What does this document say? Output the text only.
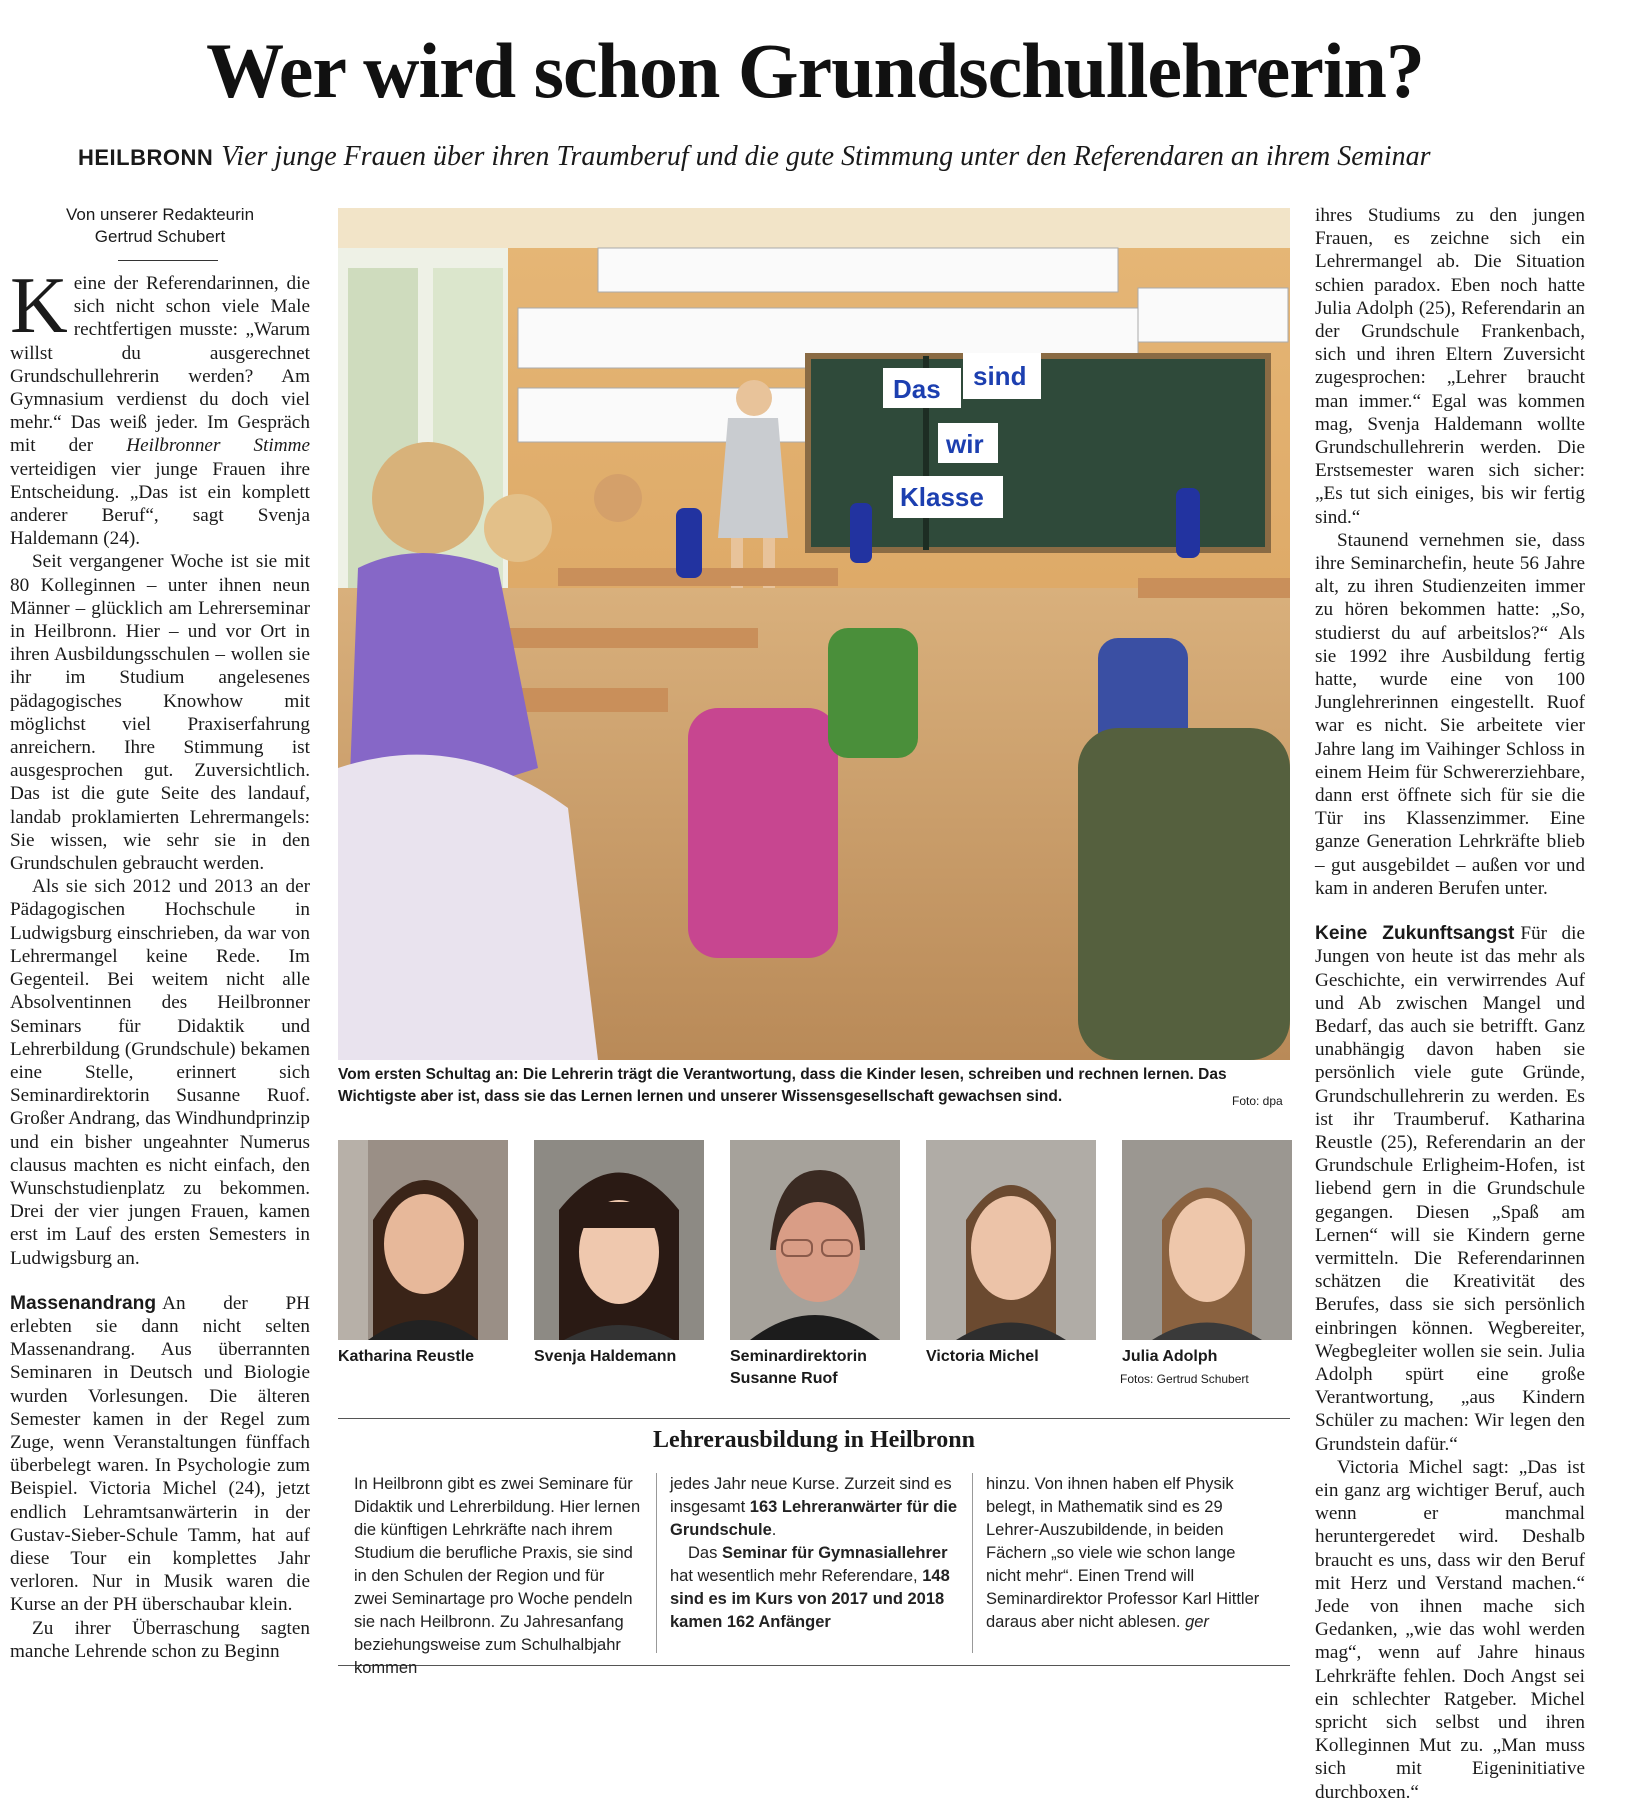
Wer wird schon Grundschullehrerin?
HEILBRONN Vier junge Frauen über ihren Traumberuf und die gute Stimmung unter den Referendaren an ihrem Seminar
Von unserer Redakteurin
Gertrud Schubert

Keine der Referendarinnen, die sich nicht schon viele Male rechtfertigen musste: „Warum willst du ausgerechnet Grundschullehrerin werden? Am Gymnasium verdienst du doch viel mehr.“ Das weiß jeder. Im Gespräch mit der Heilbronner Stimme verteidigen vier junge Frauen ihre Entscheidung. „Das ist ein komplett anderer Beruf“, sagt Svenja Haldemann (24).

Seit vergangener Woche ist sie mit 80 Kolleginnen – unter ihnen neun Männer – glücklich am Lehrerseminar in Heilbronn. Hier – und vor Ort in ihren Ausbildungsschulen – wollen sie ihr im Studium angelesenes pädagogisches Knowhow mit möglichst viel Praxiserfahrung anreichern. Ihre Stimmung ist ausgesprochen gut. Zuversichtlich. Das ist die gute Seite des landauf, landab proklamierten Lehrermangels: Sie wissen, wie sehr sie in den Grundschulen gebraucht werden.

Als sie sich 2012 und 2013 an der Pädagogischen Hochschule in Ludwigsburg einschrieben, da war von Lehrermangel keine Rede. Im Gegenteil. Bei weitem nicht alle Absolventinnen des Heilbronner Seminars für Didaktik und Lehrerbildung (Grundschule) bekamen eine Stelle, erinnert sich Seminardirektorin Susanne Ruof. Großer Andrang, das Windhundprinzip und ein bisher ungeahnter Numerus clausus machten es nicht einfach, den Wunschstudienplatz zu bekommen. Drei der vier jungen Frauen, kamen erst im Lauf des ersten Semesters in Ludwigsburg an.

Massenandrang An der PH erlebten sie dann nicht selten Massenandrang. Aus überrannten Seminaren in Deutsch und Biologie wurden Vorlesungen. Die älteren Semester kamen in der Regel zum Zuge, wenn Veranstaltungen fünffach überbelegt waren. In Psychologie zum Beispiel. Victoria Michel (24), jetzt endlich Lehramtsanwärterin in der Gustav-Sieber-Schule Tamm, hat auf diese Tour ein komplettes Jahr verloren. Nur in Musik waren die Kurse an der PH überschaubar klein.

Zu ihrer Überraschung sagten manche Lehrende schon zu Beginn

ihres Studiums zu den jungen Frauen, es zeichne sich ein Lehrermangel ab. Die Situation schien paradox. Eben noch hatte Julia Adolph (25), Referendarin an der Grundschule Frankenbach, sich und ihren Eltern Zuversicht zugesprochen: „Lehrer braucht man immer.“ Egal was kommen mag, Svenja Haldemann wollte Grundschullehrerin werden. Die Erstsemester waren sich sicher: „Es tut sich einiges, bis wir fertig sind.“

Staunend vernehmen sie, dass ihre Seminarchefin, heute 56 Jahre alt, zu ihren Studienzeiten immer zu hören bekommen hatte: „So, studierst du auf arbeitslos?“ Als sie 1992 ihre Ausbildung fertig hatte, wurde eine von 100 Junglehrerinnen eingestellt. Ruof war es nicht. Sie arbeitete vier Jahre lang im Vaihinger Schloss in einem Heim für Schwererziehbare, dann erst öffnete sich für sie die Tür ins Klassenzimmer. Eine ganze Generation Lehrkräfte blieb – gut ausgebildet – außen vor und kam in anderen Berufen unter.

Keine Zukunftsangst Für die Jungen von heute ist das mehr als Geschichte, ein verwirrendes Auf und Ab zwischen Mangel und Bedarf, das auch sie betrifft. Ganz unabhängig davon haben sie persönlich viele gute Gründe, Grundschullehrerin zu werden. Es ist ihr Traumberuf. Katharina Reustle (25), Referendarin an der Grundschule Erligheim-Hofen, ist liebend gern in die Grundschule gegangen. Diesen „Spaß am Lernen“ will sie Kindern gerne vermitteln. Die Referendarinnen schätzen die Kreativität des Berufes, dass sie sich persönlich einbringen können. Wegbereiter, Wegbegleiter wollen sie sein. Julia Adolph spürt eine große Verantwortung, „aus Kindern Schüler zu machen: Wir legen den Grundstein dafür.“

Victoria Michel sagt: „Das ist ein ganz arg wichtiger Beruf, auch wenn er manchmal heruntergeredet wird. Deshalb braucht es uns, dass wir den Beruf mit Herz und Verstand machen.“ Jede von ihnen mache sich Gedanken, „wie das wohl werden mag“, wenn auf Jahre hinaus Lehrkräfte fehlen. Doch Angst sei ein schlechter Ratgeber. Michel spricht sich selbst und ihren Kolleginnen Mut zu. „Man muss sich mit Eigeninitiative durchboxen.“

Das sind
wir
Klasse
Vom ersten Schultag an: Die Lehrerin trägt die Verantwortung, dass die Kinder lesen, schreiben und rechnen lernen. Das Wichtigste aber ist, dass sie das Lernen lernen und unserer Wissensgesellschaft gewachsen sind.	Foto: dpa
Katharina Reustle	Svenja Haldemann	Seminardirektorin Susanne Ruof
Victoria Michel	Julia Adolph
Fotos: Gertrud Schubert
Lehrerausbildung in Heilbronn

In Heilbronn gibt es zwei Seminare für Didaktik und Lehrerbildung. Hier lernen die künftigen Lehrkräfte nach ihrem Studium die berufliche Praxis, sie sind in den Schulen der Region und für zwei Seminartage pro Woche pendeln sie nach Heilbronn. Zu Jahresanfang beziehungsweise zum Schulhalbjahr kommen

jedes Jahr neue Kurse. Zurzeit sind es insgesamt 163 Lehreranwärter für die Grundschule.

Das Seminar für Gymnasiallehrer hat wesentlich mehr Referendare, 148 sind es im Kurs von 2017 und 2018 kamen 162 Anfänger

hinzu. Von ihnen haben elf Physik belegt, in Mathematik sind es 29 Lehrer-Auszubildende, in beiden Fächern „so viele wie schon lange nicht mehr“. Einen Trend will Seminardirektor Professor Karl Hittler daraus aber nicht ablesen. ger
